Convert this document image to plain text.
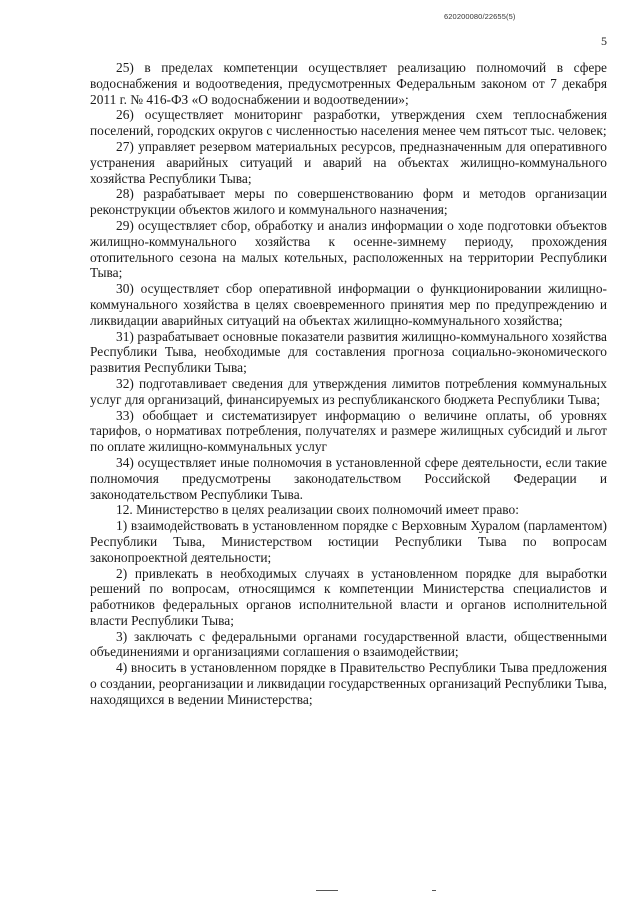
620200080/22655(5)
5

25) в пределах компетенции осуществляет реализацию полномочий в сфере водоснабжения и водоотведения, предусмотренных Федеральным законом от 7 декабря 2011 г. № 416-ФЗ «О водоснабжении и водоотведении»;

26) осуществляет мониторинг разработки, утверждения схем теплоснабжения поселений, городских округов с численностью населения менее чем пятьсот тыс. человек;

27) управляет резервом материальных ресурсов, предназначенным для оперативного устранения аварийных ситуаций и аварий на объектах жилищно-коммунального хозяйства Республики Тыва;

28) разрабатывает меры по совершенствованию форм и методов организации реконструкции объектов жилого и коммунального назначения;

29) осуществляет сбор, обработку и анализ информации о ходе подготовки объектов жилищно-коммунального хозяйства к осенне-зимнему периоду, прохождения отопительного сезона на малых котельных, расположенных на территории Республики Тыва;

30) осуществляет сбор оперативной информации о функционировании жилищно-коммунального хозяйства в целях своевременного принятия мер по предупреждению и ликвидации аварийных ситуаций на объектах жилищно-коммунального хозяйства;

31) разрабатывает основные показатели развития жилищно-коммунального хозяйства Республики Тыва, необходимые для составления прогноза социально-экономического развития Республики Тыва;

32) подготавливает сведения для утверждения лимитов потребления коммунальных услуг для организаций, финансируемых из республиканского бюджета Республики Тыва;

33) обобщает и систематизирует информацию о величине оплаты, об уровнях тарифов, о нормативах потребления, получателях и размере жилищных субсидий и льгот по оплате жилищно-коммунальных услуг

34) осуществляет иные полномочия в установленной сфере деятельности, если такие полномочия предусмотрены законодательством Российской Федерации и законодательством Республики Тыва.

12. Министерство в целях реализации своих полномочий имеет право:

1) взаимодействовать в установленном порядке с Верховным Хуралом (парламентом) Республики Тыва, Министерством юстиции Республики Тыва по вопросам законопроектной деятельности;

2) привлекать в необходимых случаях в установленном порядке для выработки решений по вопросам, относящимся к компетенции Министерства специалистов и работников федеральных органов исполнительной власти и органов исполнительной власти Республики Тыва;

3) заключать с федеральными органами государственной власти, общественными объединениями и организациями соглашения о взаимодействии;

4) вносить в установленном порядке в Правительство Республики Тыва предложения о создании, реорганизации и ликвидации государственных организаций Республики Тыва, находящихся в ведении Министерства;
